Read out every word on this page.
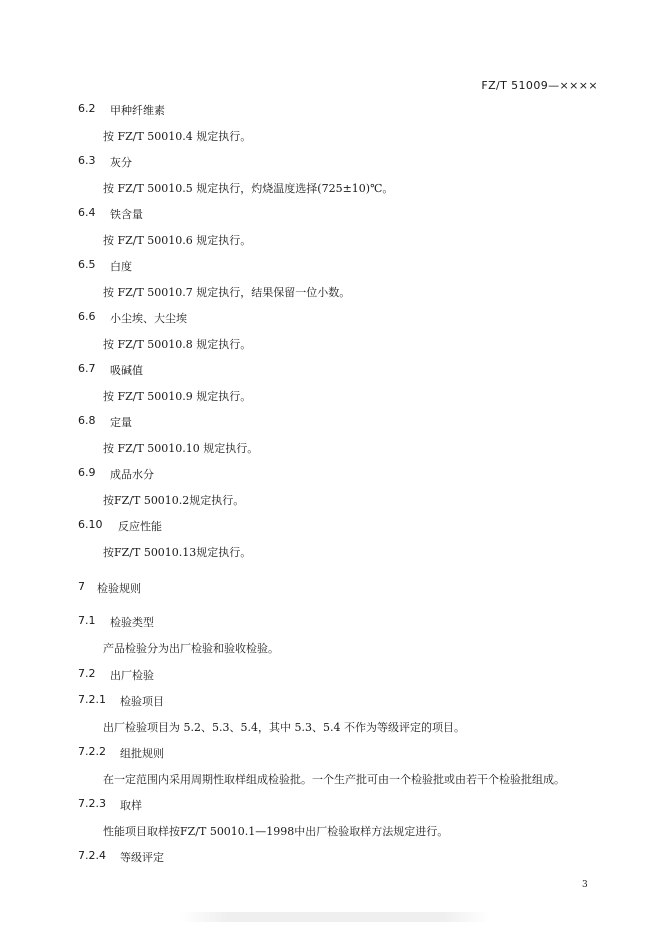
FZ/T 51009—××××
6.2 甲种纤维素
按 FZ/T 50010.4 规定执行。
6.3 灰分
按 FZ/T 50010.5 规定执行，灼烧温度选择(725±10)℃。
6.4 铁含量
按 FZ/T 50010.6 规定执行。
6.5 白度
按 FZ/T 50010.7 规定执行，结果保留一位小数。
6.6 小尘埃、大尘埃
按 FZ/T 50010.8 规定执行。
6.7 吸碱值
按 FZ/T 50010.9 规定执行。
6.8 定量
按 FZ/T 50010.10 规定执行。
6.9 成品水分
按FZ/T 50010.2规定执行。
6.10 反应性能
按FZ/T 50010.13规定执行。
7 检验规则
7.1 检验类型
产品检验分为出厂检验和验收检验。
7.2 出厂检验
7.2.1 检验项目
出厂检验项目为 5.2、5.3、5.4，其中 5.3、5.4 不作为等级评定的项目。
7.2.2 组批规则
在一定范围内采用周期性取样组成检验批。一个生产批可由一个检验批或由若干个检验批组成。
7.2.3 取样
性能项目取样按FZ/T 50010.1—1998中出厂检验取样方法规定进行。
7.2.4 等级评定
3
